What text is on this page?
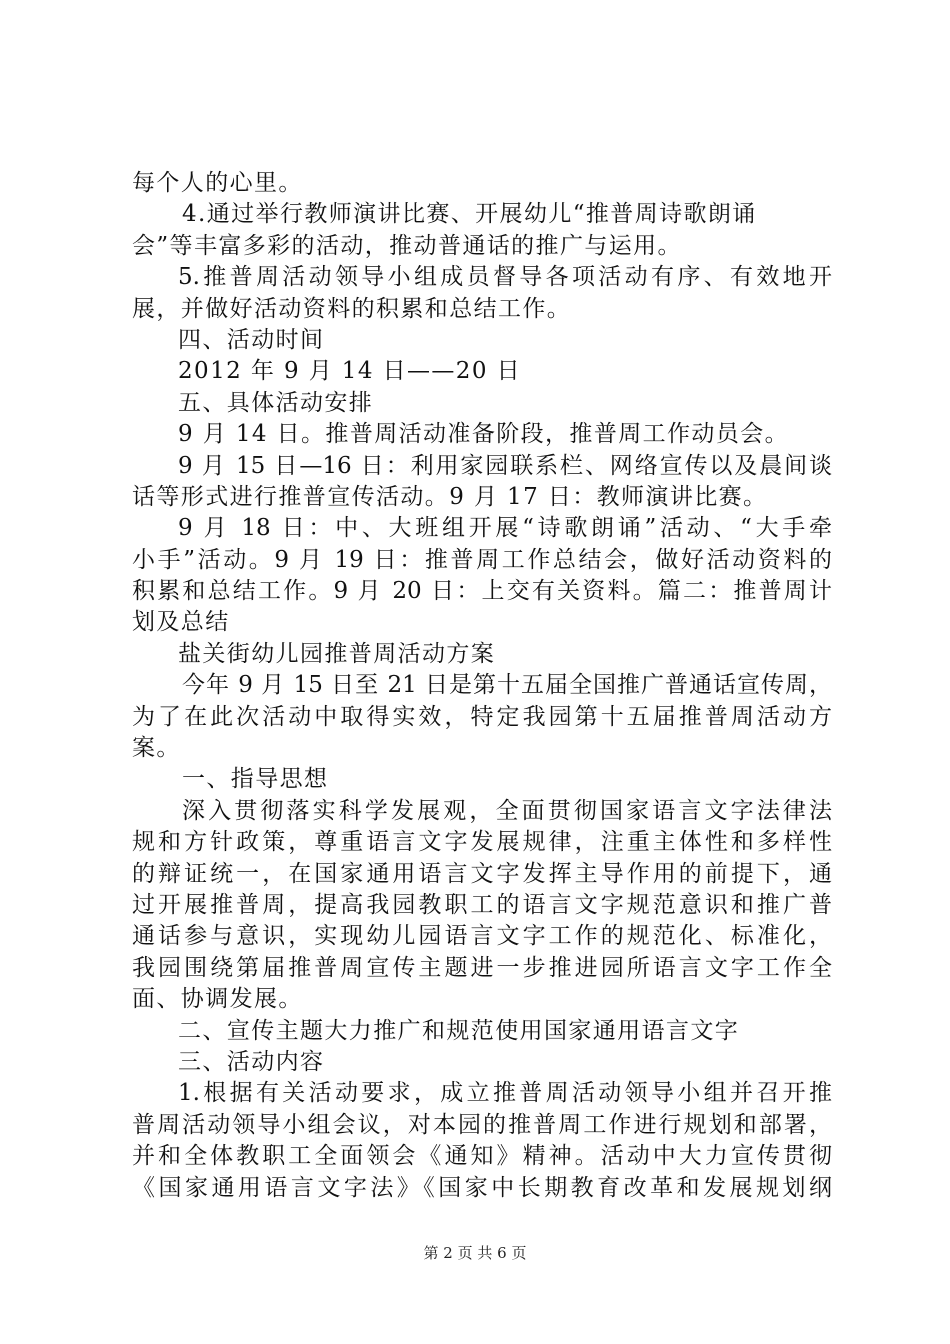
每个人的心里。
4.通过举行教师演讲比赛、开展幼儿“推普周诗歌朗诵
会”等丰富多彩的活动，推动普通话的推广与运用。
5.推普周活动领导小组成员督导各项活动有序、有效地开
展，并做好活动资料的积累和总结工作。
四、活动时间
2012 年 9 月 14 日——20 日
五、具体活动安排
9 月 14 日。推普周活动准备阶段，推普周工作动员会。
9 月 15 日—16 日：利用家园联系栏、网络宣传以及晨间谈
话等形式进行推普宣传活动。9 月 17 日：教师演讲比赛。
9 月 18 日：中、大班组开展“诗歌朗诵”活动、“大手牵
小手”活动。9 月 19 日：推普周工作总结会，做好活动资料的
积累和总结工作。9 月 20 日：上交有关资料。篇二：推普周计
划及总结
盐关街幼儿园推普周活动方案
今年 9 月 15 日至 21 日是第十五届全国推广普通话宣传周，
为了在此次活动中取得实效，特定我园第十五届推普周活动方
案。
一、指导思想
深入贯彻落实科学发展观，全面贯彻国家语言文字法律法
规和方针政策，尊重语言文字发展规律，注重主体性和多样性
的辩证统一，在国家通用语言文字发挥主导作用的前提下，通
过开展推普周，提高我园教职工的语言文字规范意识和推广普
通话参与意识，实现幼儿园语言文字工作的规范化、标准化，
我园围绕第届推普周宣传主题进一步推进园所语言文字工作全
面、协调发展。
二、宣传主题大力推广和规范使用国家通用语言文字
三、活动内容
1.根据有关活动要求，成立推普周活动领导小组并召开推
普周活动领导小组会议，对本园的推普周工作进行规划和部署，
并和全体教职工全面领会《通知》精神。活动中大力宣传贯彻
《国家通用语言文字法》《国家中长期教育改革和发展规划纲
第 2 页 共 6 页
